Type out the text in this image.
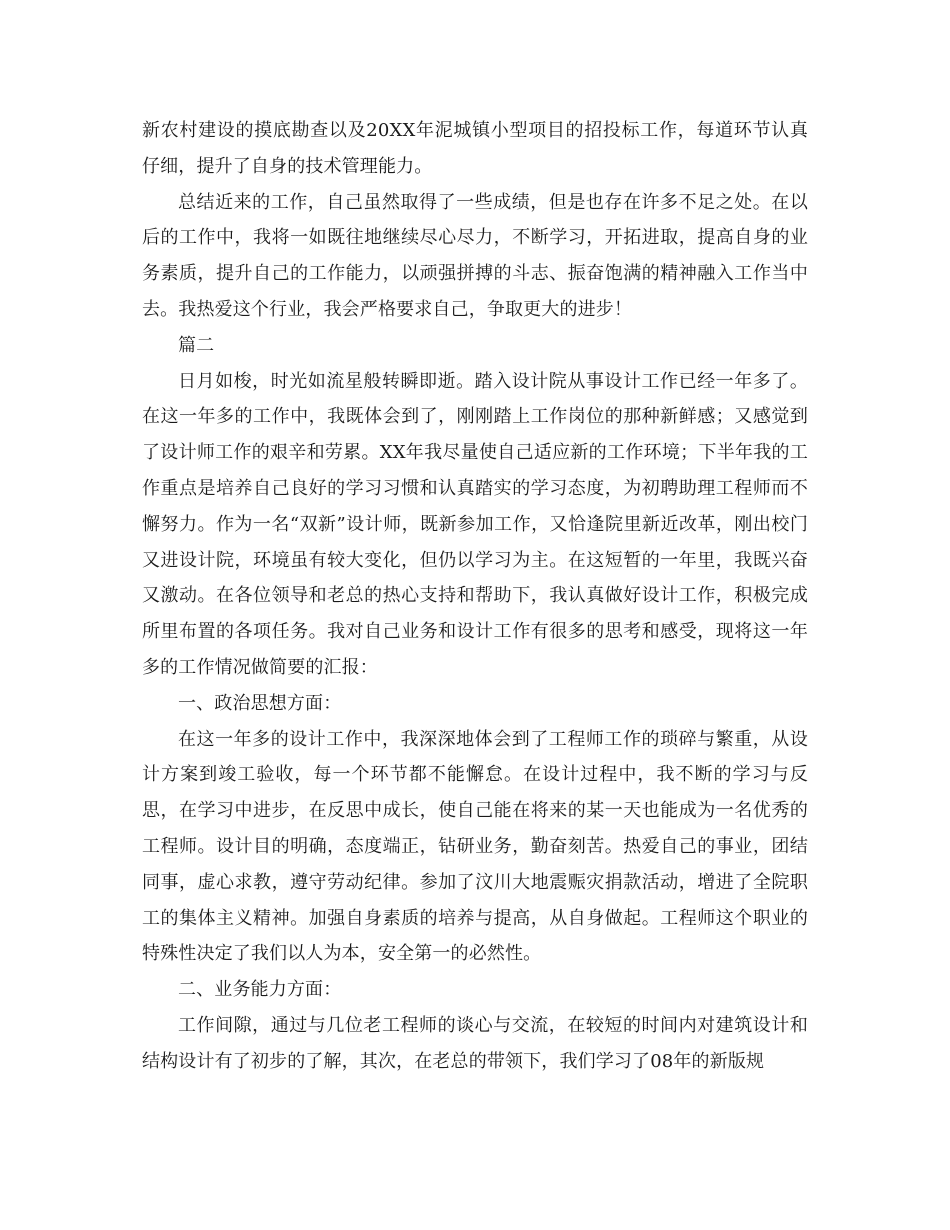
新农村建设的摸底勘查以及20XX年泥城镇小型项目的招投标工作，每道环节认真仔细，提升了自身的技术管理能力。

总结近来的工作，自己虽然取得了一些成绩，但是也存在许多不足之处。在以后的工作中，我将一如既往地继续尽心尽力，不断学习，开拓进取，提高自身的业务素质，提升自己的工作能力，以顽强拼搏的斗志、振奋饱满的精神融入工作当中去。我热爱这个行业，我会严格要求自己，争取更大的进步！

篇二

日月如梭，时光如流星般转瞬即逝。踏入设计院从事设计工作已经一年多了。在这一年多的工作中，我既体会到了，刚刚踏上工作岗位的那种新鲜感；又感觉到了设计师工作的艰辛和劳累。XX年我尽量使自己适应新的工作环境；下半年我的工作重点是培养自己良好的学习习惯和认真踏实的学习态度，为初聘助理工程师而不懈努力。作为一名“双新”设计师，既新参加工作，又恰逢院里新近改革，刚出校门又进设计院，环境虽有较大变化，但仍以学习为主。在这短暂的一年里，我既兴奋又激动。在各位领导和老总的热心支持和帮助下，我认真做好设计工作，积极完成所里布置的各项任务。我对自己业务和设计工作有很多的思考和感受，现将这一年多的工作情况做简要的汇报：

一、政治思想方面：

在这一年多的设计工作中，我深深地体会到了工程师工作的琐碎与繁重，从设计方案到竣工验收，每一个环节都不能懈怠。在设计过程中，我不断的学习与反思，在学习中进步，在反思中成长，使自己能在将来的某一天也能成为一名优秀的工程师。设计目的明确，态度端正，钻研业务，勤奋刻苦。热爱自己的事业，团结同事，虚心求教，遵守劳动纪律。参加了汶川大地震赈灾捐款活动，增进了全院职工的集体主义精神。加强自身素质的培养与提高，从自身做起。工程师这个职业的特殊性决定了我们以人为本，安全第一的必然性。

二、业务能力方面：

工作间隙，通过与几位老工程师的谈心与交流，在较短的时间内对建筑设计和结构设计有了初步的了解，其次，在老总的带领下，我们学习了08年的新版规
